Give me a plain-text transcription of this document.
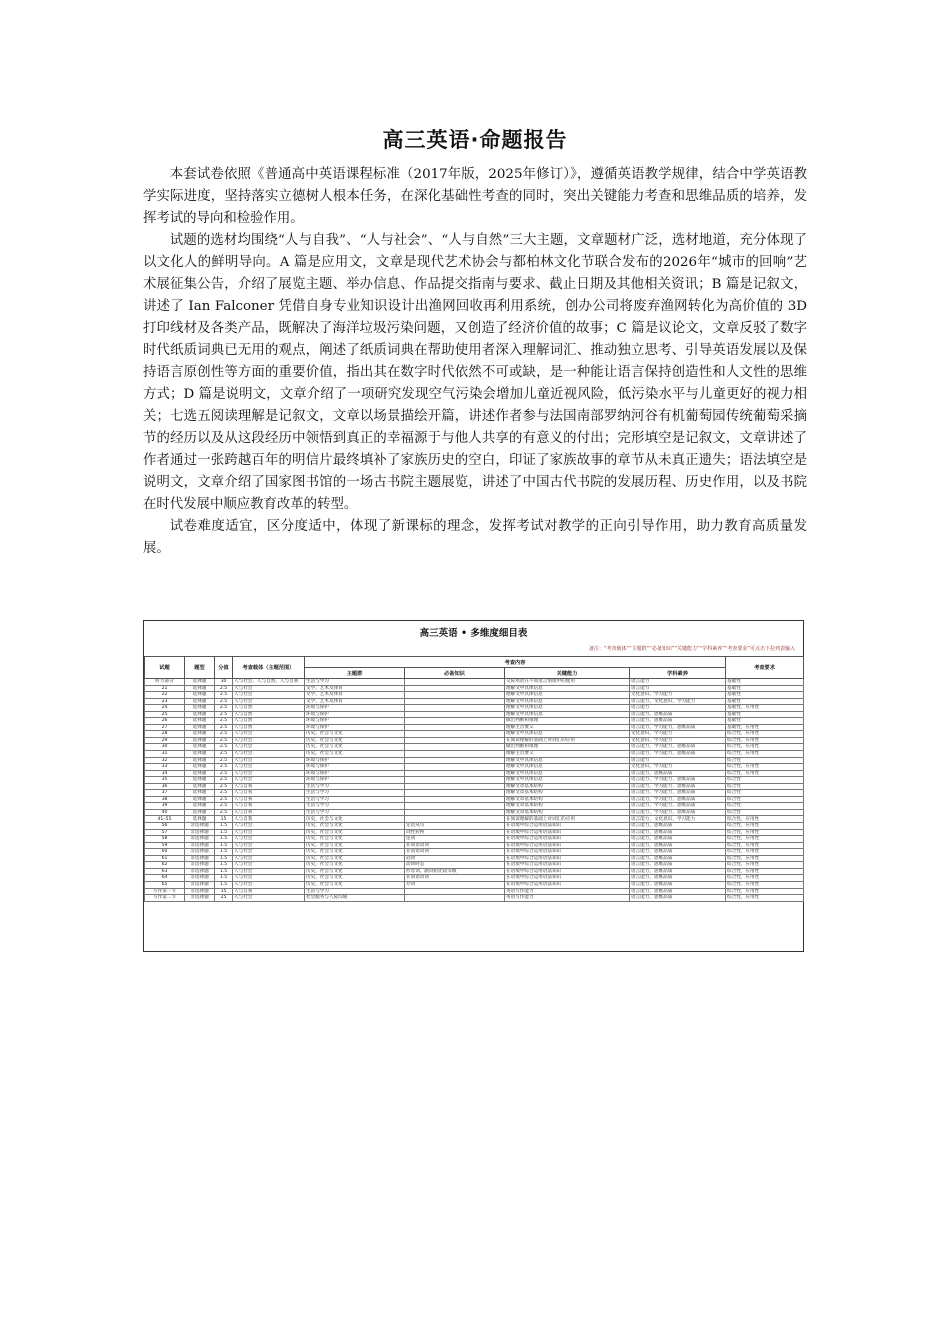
高三英语·命题报告

本套试卷依照《普通高中英语课程标准（2017年版，2025年修订）》，遵循英语教学规律，结合中学英语教学实际进度，坚持落实立德树人根本任务，在深化基础性考查的同时，突出关键能力考查和思维品质的培养，发挥考试的导向和检验作用。

试题的选材均围绕“人与自我”、“人与社会”、“人与自然”三大主题，文章题材广泛，选材地道，充分体现了以文化人的鲜明导向。A 篇是应用文，文章是现代艺术协会与都柏林文化节联合发布的2026年“城市的回响”艺术展征集公告，介绍了展览主题、举办信息、作品提交指南与要求、截止日期及其他相关资讯；B 篇是记叙文，讲述了 Ian Falconer 凭借自身专业知识设计出渔网回收再利用系统，创办公司将废弃渔网转化为高价值的 3D 打印线材及各类产品，既解决了海洋垃圾污染问题，又创造了经济价值的故事；C 篇是议论文，文章反驳了数字时代纸质词典已无用的观点，阐述了纸质词典在帮助使用者深入理解词汇、推动独立思考、引导英语发展以及保持语言原创性等方面的重要价值，指出其在数字时代依然不可或缺，是一种能让语言保持创造性和人文性的思维方式；D 篇是说明文，文章介绍了一项研究发现空气污染会增加儿童近视风险，低污染水平与儿童更好的视力相关；七选五阅读理解是记叙文，文章以场景描绘开篇，讲述作者参与法国南部罗纳河谷有机葡萄园传统葡萄采摘节的经历以及从这段经历中领悟到真正的幸福源于与他人共享的有意义的付出；完形填空是记叙文，文章讲述了作者通过一张跨越百年的明信片最终填补了家族历史的空白，印证了家族故事的章节从未真正遗失；语法填空是说明文，文章介绍了国家图书馆的一场古书院主题展览，讲述了中国古代书院的发展历程、历史作用，以及书院在时代发展中顺应教育改革的转型。

试卷难度适宜，区分度适中，体现了新课标的理念，发挥考试对教学的正向引导作用，助力教育高质量发展。

高三英语 • 多维度细目表
备注：“考查载体”“主题群”“必备知识”“关键能力”“学科素养”“考查要求”可点击下拉列表输入
试题	题型	分值	考查载体（主题范围）	考查内容				考查要求
				主题群	必备知识	关键能力	学科素养	
听力部分	选择题	30	人与社会、人与自然、人与自我	生活与学习		交际用语在不同语言情境中的使用	语言能力	基础性
21	选择题	2.5	人与社会	文学、艺术及体育		理解文中具体信息	语言能力	基础性
22	选择题	2.5	人与社会	文学、艺术及体育		理解文中具体信息	文化意识、学习能力	基础性
23	选择题	2.5	人与社会	文学、艺术及体育		理解文中具体信息	语言能力，文化意识，学习能力	基础性
24	选择题	2.5	人与自然	环境与保护		理解文中具体信息	语言能力	基础性，应用性
25	选择题	2.5	人与自然	环境与保护		理解文中具体信息	语言能力，思维品质	基础性
26	选择题	2.5	人与自然	环境与保护		做出判断和推理	语言能力，思维品质	基础性
27	选择题	2.5	人与自然	环境与保护		理解主旨要义	语言能力，学习能力，思维品质	基础性，应用性
28	选择题	2.5	人与社会	历史，社会与文化		理解文中具体信息	文化意识，学习能力	综合性，应用性
29	选择题	2.5	人与社会	历史，社会与文化		在阅读理解的基础上对词汇的应用	文化意识，学习能力	综合性，应用性
30	选择题	2.5	人与社会	历史，社会与文化		做出判断和推理	语言能力，学习能力，思维品质	综合性，应用性
31	选择题	2.5	人与社会	历史，社会与文化		理解主旨要义	语言能力，学习能力，思维品质	综合性，应用性
32	选择题	2.5	人与社会	环境与保护		理解文中具体信息	语言能力	综合性
33	选择题	2.5	人与社会	环境与保护		理解文中具体信息	文化意识，学习能力	综合性，应用性
34	选择题	2.5	人与社会	环境与保护		理解文中具体信息	语言能力，思维品质	综合性，应用性
35	选择题	2.5	人与社会	环境与保护		理解文中具体信息	语言能力，学习能力，思维品质	综合性
36	选择题	2.5	人与自我	生活与学习		理解文章基本结构	语言能力，学习能力，思维品质	综合性
37	选择题	2.5	人与自我	生活与学习		理解文章基本结构	语言能力，学习能力，思维品质	综合性
38	选择题	2.5	人与自我	生活与学习		理解文章基本结构	语言能力，学习能力，思维品质	综合性
39	选择题	2.5	人与自我	生活与学习		理解文章基本结构	语言能力，学习能力，思维品质	综合性
40	选择题	2.5	人与自我	生活与学习		理解文章基本结构	语言能力，学习能力，思维品质	综合性
41–55	选择题	15	人与自我	历史，社会与文化		在阅读理解的基础上对词汇的应用	语言能力，文化意识，学习能力	综合性，应用性
56	非选择题	1.5	人与社会	历史，社会与文化	定语从句	在语境中综合运用语法知识	语言能力，思维品质	综合性，应用性
57	非选择题	1.5	人与社会	历史，社会与文化	词性转换	在语境中综合运用语法知识	语言能力，思维品质	综合性，应用性
58	非选择题	1.5	人与社会	历史，社会与文化	连词	在语境中综合运用语法知识	语言能力，思维品质	综合性，应用性
59	非选择题	1.5	人与社会	历史，社会与文化	非谓语动词	在语境中综合运用语法知识	语言能力，思维品质	综合性，应用性
60	非选择题	1.5	人与社会	历史，社会与文化	非谓语动词	在语境中综合运用语法知识	语言能力，思维品质	综合性，应用性
61	非选择题	1.5	人与社会	历史，社会与文化	冠词	在语境中综合运用语法知识	语言能力，思维品质	综合性，应用性
62	非选择题	1.5	人与社会	历史，社会与文化	动词时态	在语境中综合运用语法知识	语言能力，思维品质	综合性，应用性
63	非选择题	1.5	人与社会	历史，社会与文化	形容词、副词的比较等级	在语境中综合运用语法知识	语言能力，思维品质	综合性，应用性
64	非选择题	1.5	人与社会	历史，社会与文化	非谓语动词	在语境中综合运用语法知识	语言能力，思维品质	综合性，应用性
65	非选择题	1.5	人与社会	历史，社会与文化	介词	在语境中综合运用语法知识	语言能力，思维品质	综合性，应用性
写作第一节	非选择题	15	人与自我	生活与学习		英语写作能力	语言能力，思维品质	综合性，应用性
写作第二节	非选择题	25	人与社会	社会服务与人际沟通		英语写作能力	语言能力，思维品质	综合性，应用性
